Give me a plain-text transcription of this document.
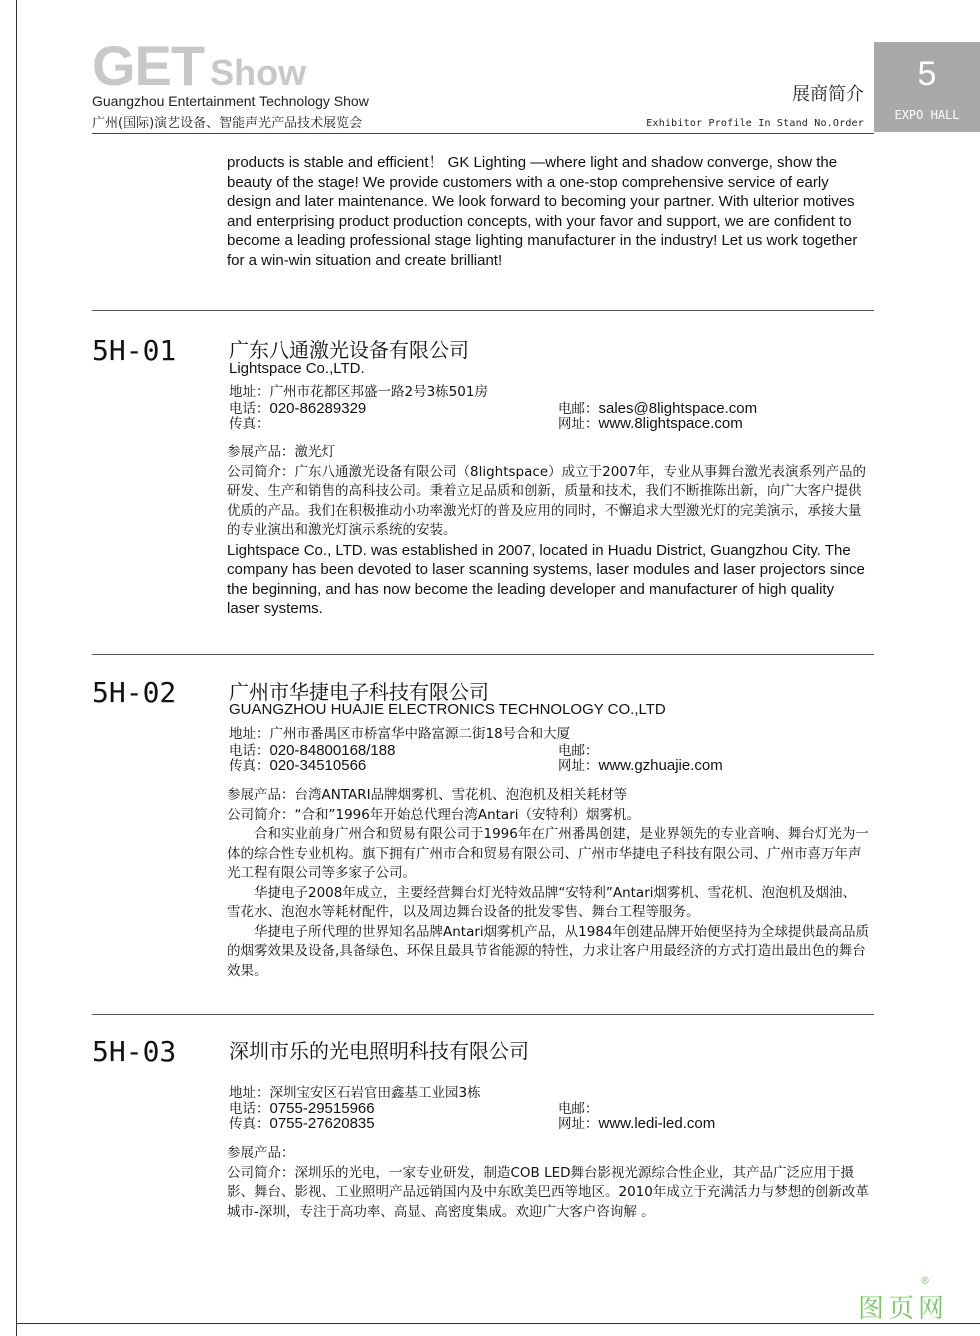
GET Show
Guangzhou Entertainment Technology Show
广州(国际)演艺设备、智能声光产品技术展览会
展商简介
Exhibitor Profile In Stand No.Order
5
EXPO HALL
products is stable and efficient！ GK Lighting —where light and shadow converge, show the beauty of the stage! We provide customers with a one-stop comprehensive service of early design and later maintenance. We look forward to becoming your partner. With ulterior motives and enterprising product production concepts, with your favor and support, we are confident to become a leading professional stage lighting manufacturer in the industry! Let us work together for a win-win situation and create brilliant!
5H-01	广东八通激光设备有限公司
Lightspace Co.,LTD.
地址：广州市花都区邦盛一路2号3栋501房
电话：020-86289329
传真：
电邮：sales@8lightspace.com
网址：www.8lightspace.com

参展产品：激光灯

公司简介：广东八通激光设备有限公司（8lightspace）成立于2007年，专业从事舞台激光表演系列产品的研发、生产和销售的高科技公司。秉着立足品质和创新，质量和技术，我们不断推陈出新，向广大客户提供优质的产品。我们在积极推动小功率激光灯的普及应用的同时，不懈追求大型激光灯的完美演示，承接大量的专业演出和激光灯演示系统的安装。

Lightspace Co., LTD. was established in 2007, located in Huadu District, Guangzhou City. The company has been devoted to laser scanning systems, laser modules and laser projectors since the beginning, and has now become the leading developer and manufacturer of high quality laser systems.

5H-02	广州市华捷电子科技有限公司
GUANGZHOU HUAJIE ELECTRONICS TECHNOLOGY CO.,LTD
地址：广州市番禺区市桥富华中路富源二街18号合和大厦
电话：020-84800168/188
传真：020-34510566
电邮：
网址：www.gzhuajie.com

参展产品：台湾ANTARI品牌烟雾机、雪花机、泡泡机及相关耗材等

公司简介：“合和”1996年开始总代理台湾Antari（安特利）烟雾机。

合和实业前身广州合和贸易有限公司于1996年在广州番禺创建，是业界领先的专业音响、舞台灯光为一体的综合性专业机构。旗下拥有广州市合和贸易有限公司、广州市华捷电子科技有限公司、广州市喜万年声光工程有限公司等多家子公司。

华捷电子2008年成立，主要经营舞台灯光特效品牌“安特利”Antari烟雾机、雪花机、泡泡机及烟油、雪花水、泡泡水等耗材配件，以及周边舞台设备的批发零售、舞台工程等服务。

华捷电子所代理的世界知名品牌Antari烟雾机产品，从1984年创建品牌开始便坚持为全球提供最高品质的烟雾效果及设备,具备绿色、环保且最具节省能源的特性，力求让客户用最经济的方式打造出最出色的舞台效果。

5H-03	深圳市乐的光电照明科技有限公司
地址：深圳宝安区石岩官田鑫基工业园3栋
电话：0755-29515966
传真：0755-27620835
电邮：
网址：www.ledi-led.com

参展产品：

公司简介：深圳乐的光电，一家专业研发，制造COB LED舞台影视光源综合性企业，其产品广泛应用于摄影、舞台、影视、工业照明产品远销国内及中东欧美巴西等地区。2010年成立于充满活力与梦想的创新改革城市-深圳，专注于高功率、高显、高密度集成。欢迎广大客户咨询解 。

图页网
®
